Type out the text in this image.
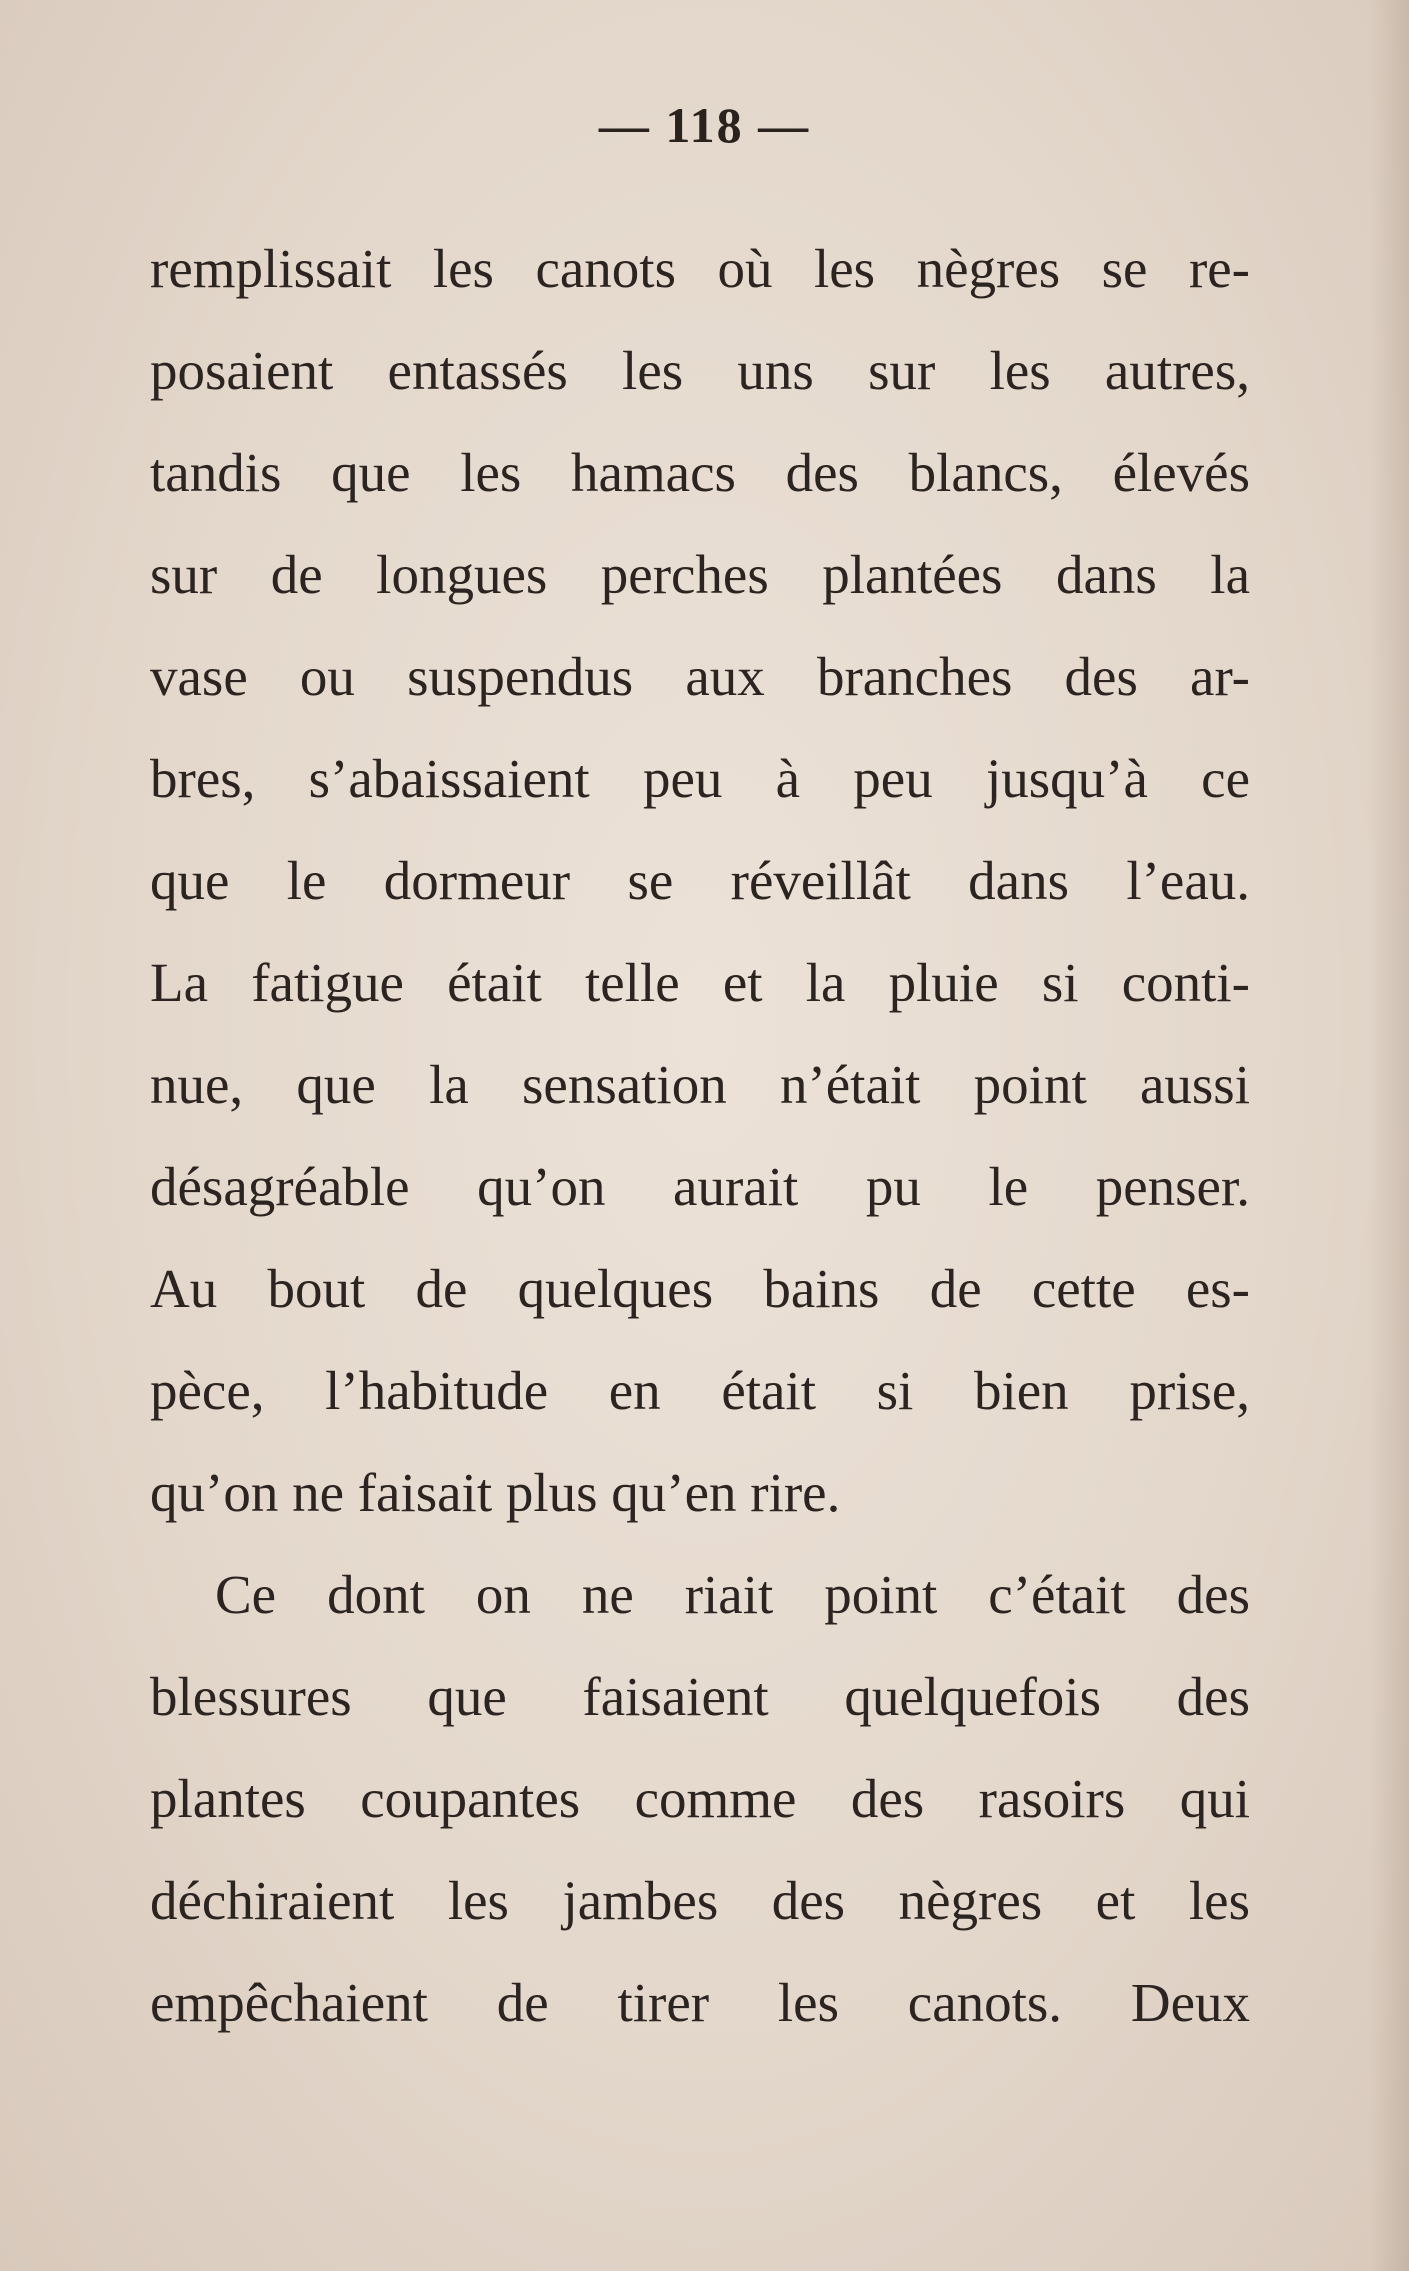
— 118 —
remplissait les canots où les nègres se re-
posaient entassés les uns sur les autres,
tandis que les hamacs des blancs, élevés
sur de longues perches plantées dans la
vase ou suspendus aux branches des ar-
bres, s’abaissaient peu à peu jusqu’à ce
que le dormeur se réveillât dans l’eau.
La fatigue était telle et la pluie si conti-
nue, que la sensation n’était point aussi
désagréable qu’on aurait pu le penser.
Au bout de quelques bains de cette es-
pèce, l’habitude en était si bien prise,
qu’on ne faisait plus qu’en rire.
Ce dont on ne riait point c’était des
blessures que faisaient quelquefois des
plantes coupantes comme des rasoirs qui
déchiraient les jambes des nègres et les
empêchaient de tirer les canots. Deux
